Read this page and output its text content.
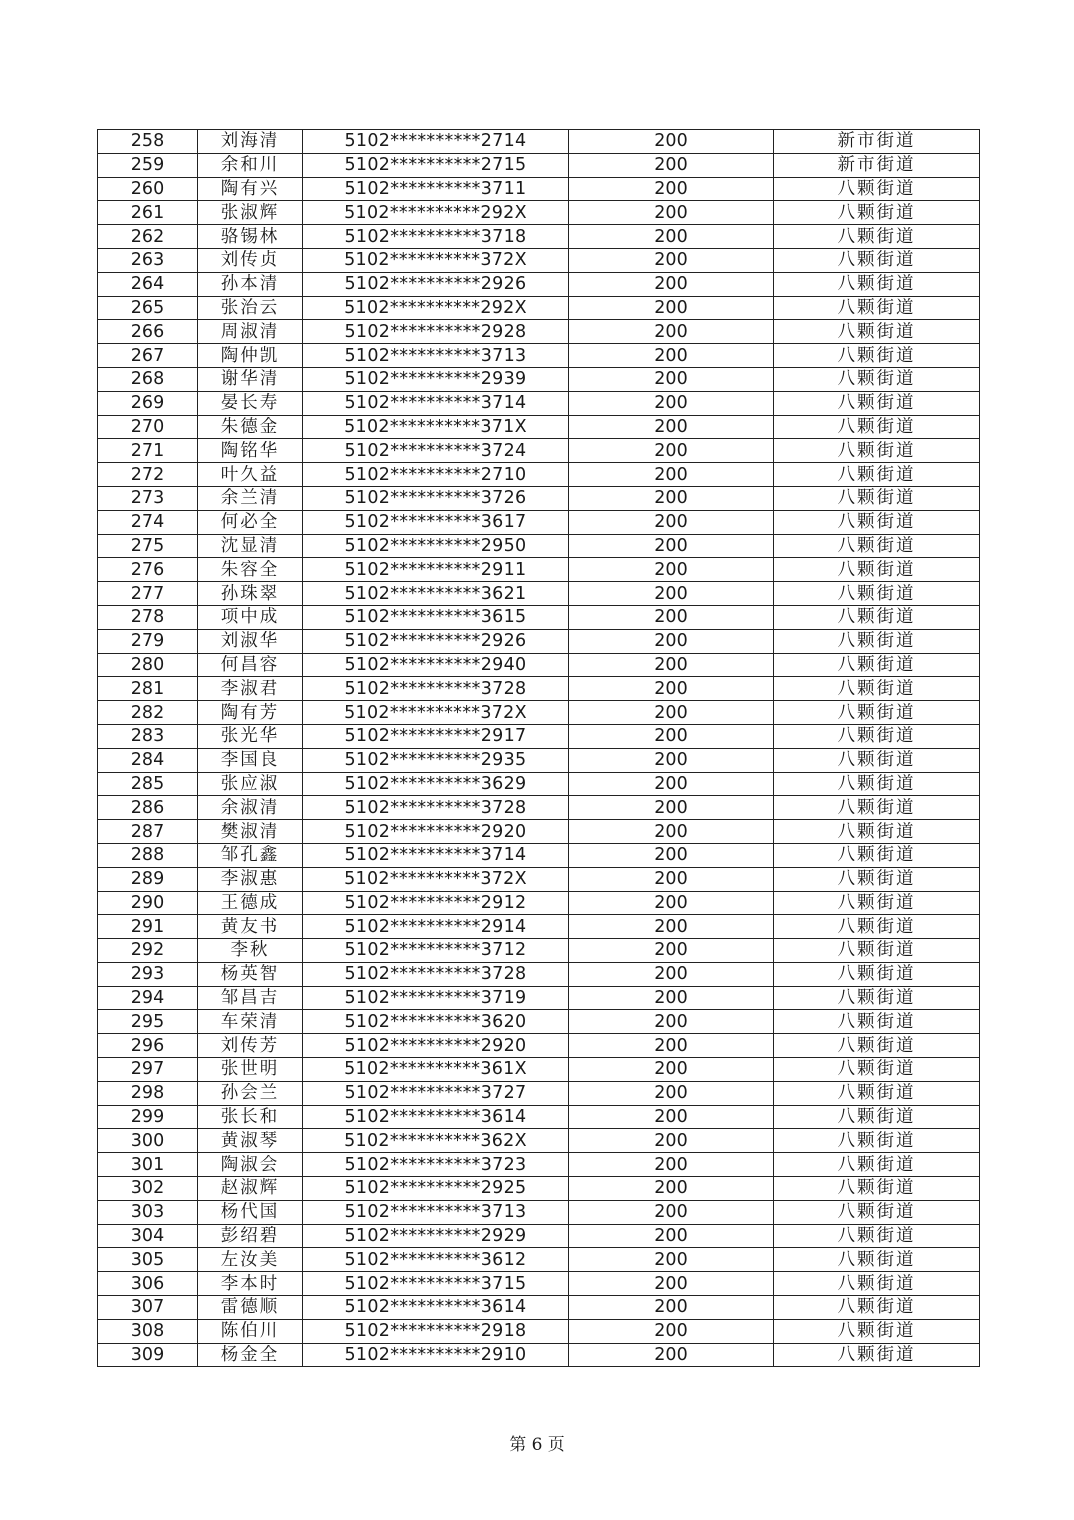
258	刘海清	5102**********2714	200	新市街道
259	余和川	5102**********2715	200	新市街道
260	陶有兴	5102**********3711	200	八颗街道
261	张淑辉	5102**********292X	200	八颗街道
262	骆锡林	5102**********3718	200	八颗街道
263	刘传贞	5102**********372X	200	八颗街道
264	孙本清	5102**********2926	200	八颗街道
265	张治云	5102**********292X	200	八颗街道
266	周淑清	5102**********2928	200	八颗街道
267	陶仲凯	5102**********3713	200	八颗街道
268	谢华清	5102**********2939	200	八颗街道
269	晏长寿	5102**********3714	200	八颗街道
270	朱德金	5102**********371X	200	八颗街道
271	陶铭华	5102**********3724	200	八颗街道
272	叶久益	5102**********2710	200	八颗街道
273	余兰清	5102**********3726	200	八颗街道
274	何必全	5102**********3617	200	八颗街道
275	沈显清	5102**********2950	200	八颗街道
276	朱容全	5102**********2911	200	八颗街道
277	孙珠翠	5102**********3621	200	八颗街道
278	项中成	5102**********3615	200	八颗街道
279	刘淑华	5102**********2926	200	八颗街道
280	何昌容	5102**********2940	200	八颗街道
281	李淑君	5102**********3728	200	八颗街道
282	陶有芳	5102**********372X	200	八颗街道
283	张光华	5102**********2917	200	八颗街道
284	李国良	5102**********2935	200	八颗街道
285	张应淑	5102**********3629	200	八颗街道
286	余淑清	5102**********3728	200	八颗街道
287	樊淑清	5102**********2920	200	八颗街道
288	邹孔鑫	5102**********3714	200	八颗街道
289	李淑惠	5102**********372X	200	八颗街道
290	王德成	5102**********2912	200	八颗街道
291	黄友书	5102**********2914	200	八颗街道
292	李秋	5102**********3712	200	八颗街道
293	杨英智	5102**********3728	200	八颗街道
294	邹昌吉	5102**********3719	200	八颗街道
295	车荣清	5102**********3620	200	八颗街道
296	刘传芳	5102**********2920	200	八颗街道
297	张世明	5102**********361X	200	八颗街道
298	孙会兰	5102**********3727	200	八颗街道
299	张长和	5102**********3614	200	八颗街道
300	黄淑琴	5102**********362X	200	八颗街道
301	陶淑会	5102**********3723	200	八颗街道
302	赵淑辉	5102**********2925	200	八颗街道
303	杨代国	5102**********3713	200	八颗街道
304	彭绍碧	5102**********2929	200	八颗街道
305	左汝美	5102**********3612	200	八颗街道
306	李本时	5102**********3715	200	八颗街道
307	雷德顺	5102**********3614	200	八颗街道
308	陈伯川	5102**********2918	200	八颗街道
309	杨金全	5102**********2910	200	八颗街道
第 6 页
